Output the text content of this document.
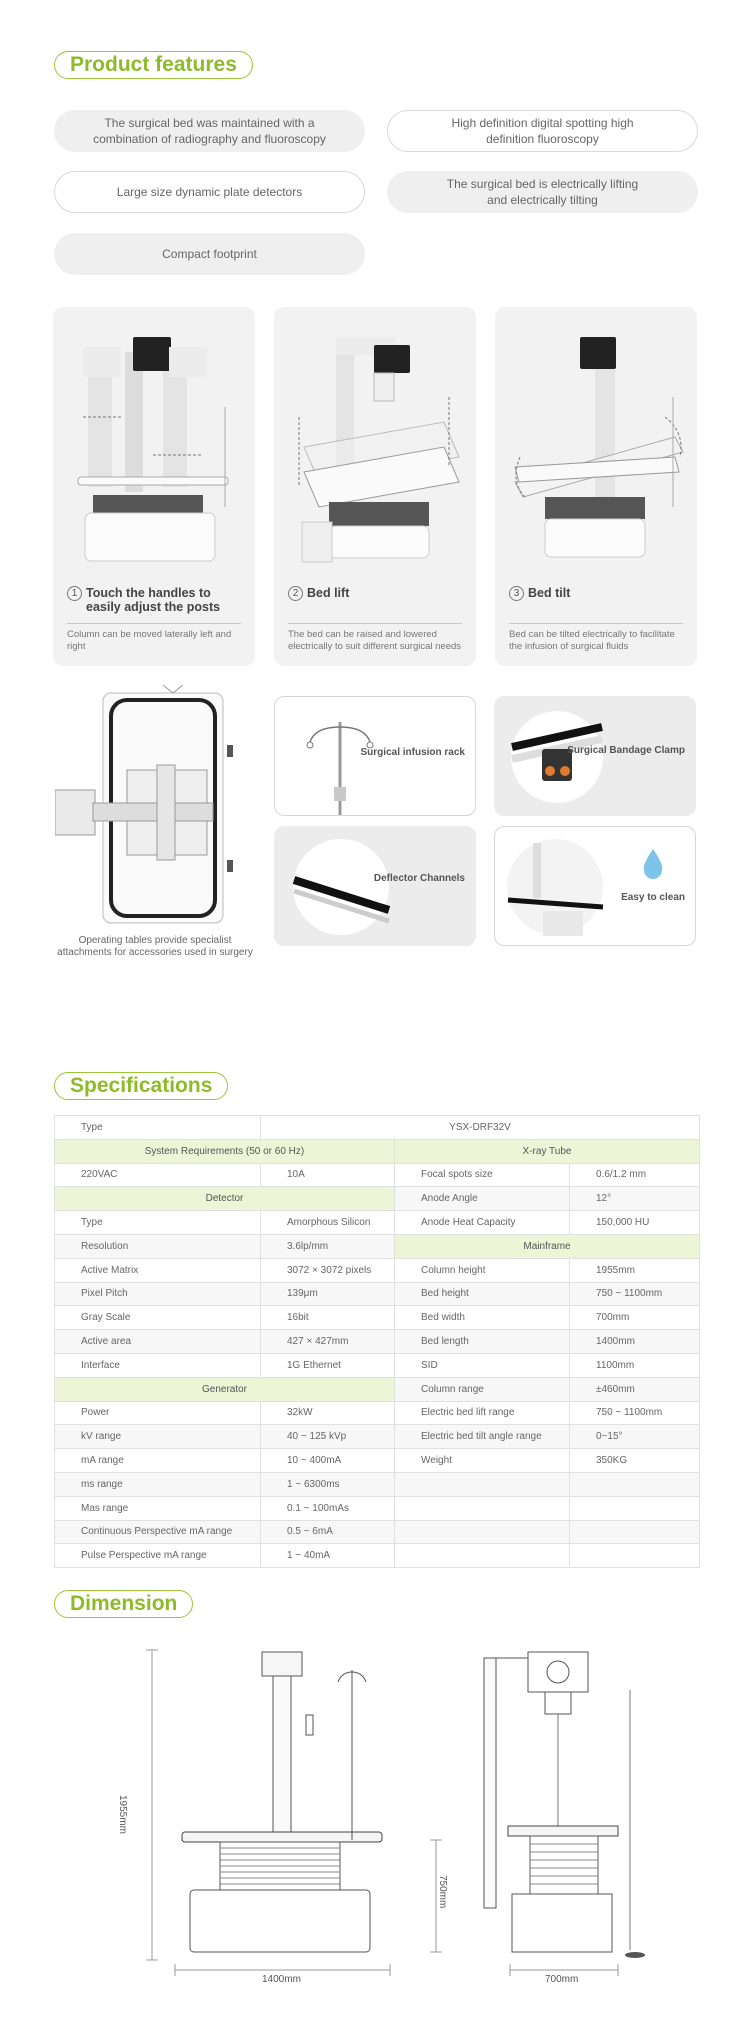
Product features
The surgical bed was maintained with a combination of radiography and fluoroscopy
High definition digital spotting high definition fluoroscopy
Large size dynamic plate detectors
The surgical bed is electrically lifting and electrically tilting
Compact footprint
1 Touch the handles to easily adjust the posts
Column can be moved laterally left and right
2 Bed lift
The bed can be raised and lowered electrically to suit different surgical needs
3 Bed tilt
Bed can be tilted electrically to facilitate the infusion of surgical fluids
Operating tables provide specialist attachments for accessories used in surgery
Surgical infusion rack	Surgical Bandage Clamp
Deflector Channels
Easy to clean
Specifications
Type	YSX-DRF32V		
System Requirements (50 or 60 Hz)		X-ray Tube	
220VAC	10A	Focal spots size	0.6/1.2 mm
Detector		Anode Angle	12°
Type	Amorphous Silicon	Anode Heat Capacity	150,000 HU
Resolution	3.6lp/mm	Mainframe	
Active Matrix	3072 × 3072 pixels	Column height	1955mm
Pixel Pitch	139μm	Bed height	750 ~ 1100mm
Gray Scale	16bit	Bed width	700mm
Active area	427 × 427mm	Bed length	1400mm
Interface	1G Ethernet	SID	1100mm
Generator		Column range	±460mm
Power	32kW	Electric bed lift range	750 ~ 1100mm
kV range	40 ~ 125 kVp	Electric bed tilt angle range	0~15°
mA range	10 ~ 400mA	Weight	350KG
ms range	1 ~ 6300ms		
Mas range	0.1 ~ 100mAs		
Continuous Perspective mA range	0.5 ~ 6mA		
Pulse Perspective mA range	1 ~ 40mA		
Dimension
1955mm
750mm
1400mm	700mm
